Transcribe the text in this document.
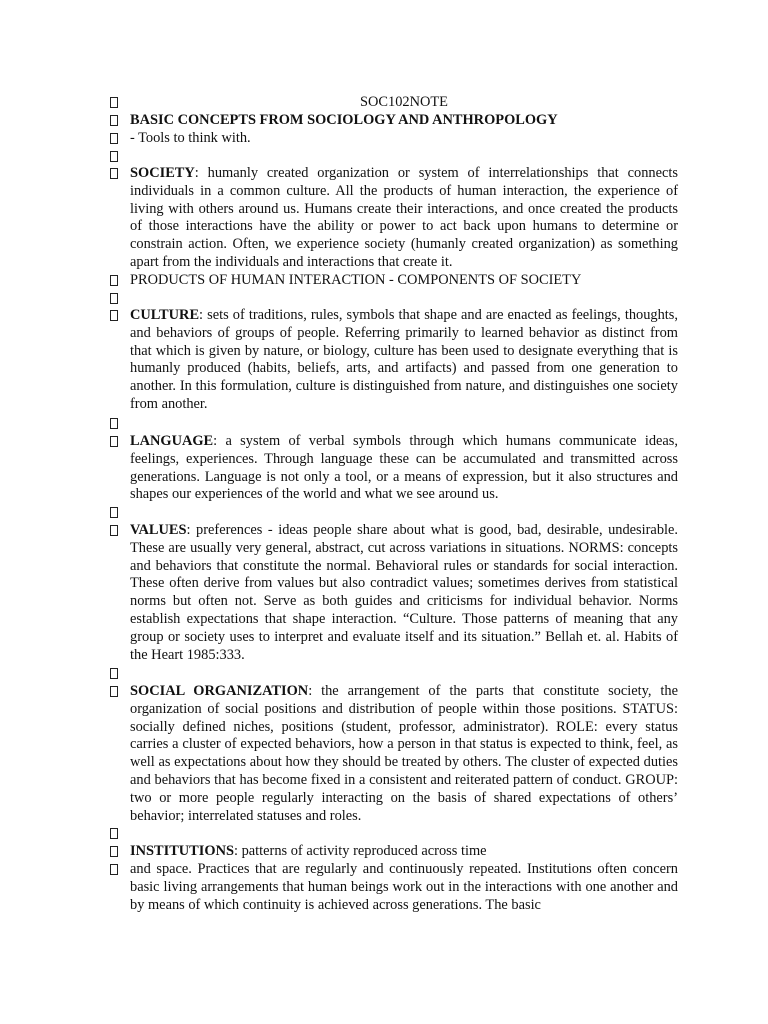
SOC102NOTE
BASIC CONCEPTS FROM SOCIOLOGY AND ANTHROPOLOGY
- Tools to think with.
SOCIETY: humanly created organization or system of interrelationships that connects individuals in a common culture. All the products of human interaction, the experience of living with others around us. Humans create their interactions, and once created the products of those interactions have the ability or power to act back upon humans to determine or constrain action. Often, we experience society (humanly created organization) as something apart from the individuals and interactions that create it.
PRODUCTS OF HUMAN INTERACTION - COMPONENTS OF SOCIETY
CULTURE: sets of traditions, rules, symbols that shape and are enacted as feelings, thoughts, and behaviors of groups of people. Referring primarily to learned behavior as distinct from that which is given by nature, or biology, culture has been used to designate everything that is humanly produced (habits, beliefs, arts, and artifacts) and passed from one generation to another. In this formulation, culture is distinguished from nature, and distinguishes one society from another.
LANGUAGE: a system of verbal symbols through which humans communicate ideas, feelings, experiences. Through language these can be accumulated and transmitted across generations. Language is not only a tool, or a means of expression, but it also structures and shapes our experiences of the world and what we see around us.
VALUES: preferences - ideas people share about what is good, bad, desirable, undesirable. These are usually very general, abstract, cut across variations in situations. NORMS: concepts and behaviors that constitute the normal. Behavioral rules or standards for social interaction. These often derive from values but also contradict values; sometimes derives from statistical norms but often not. Serve as both guides and criticisms for individual behavior. Norms establish expectations that shape interaction. “Culture. Those patterns of meaning that any group or society uses to interpret and evaluate itself and its situation.” Bellah et. al. Habits of the Heart 1985:333.
SOCIAL ORGANIZATION: the arrangement of the parts that constitute society, the organization of social positions and distribution of people within those positions. STATUS: socially defined niches, positions (student, professor, administrator). ROLE: every status carries a cluster of expected behaviors, how a person in that status is expected to think, feel, as well as expectations about how they should be treated by others. The cluster of expected duties and behaviors that has become fixed in a consistent and reiterated pattern of conduct. GROUP: two or more people regularly interacting on the basis of shared expectations of others’ behavior; interrelated statuses and roles.
INSTITUTIONS: patterns of activity reproduced across time
and space. Practices that are regularly and continuously repeated. Institutions often concern basic living arrangements that human beings work out in the interactions with one another and by means of which continuity is achieved across generations. The basic
